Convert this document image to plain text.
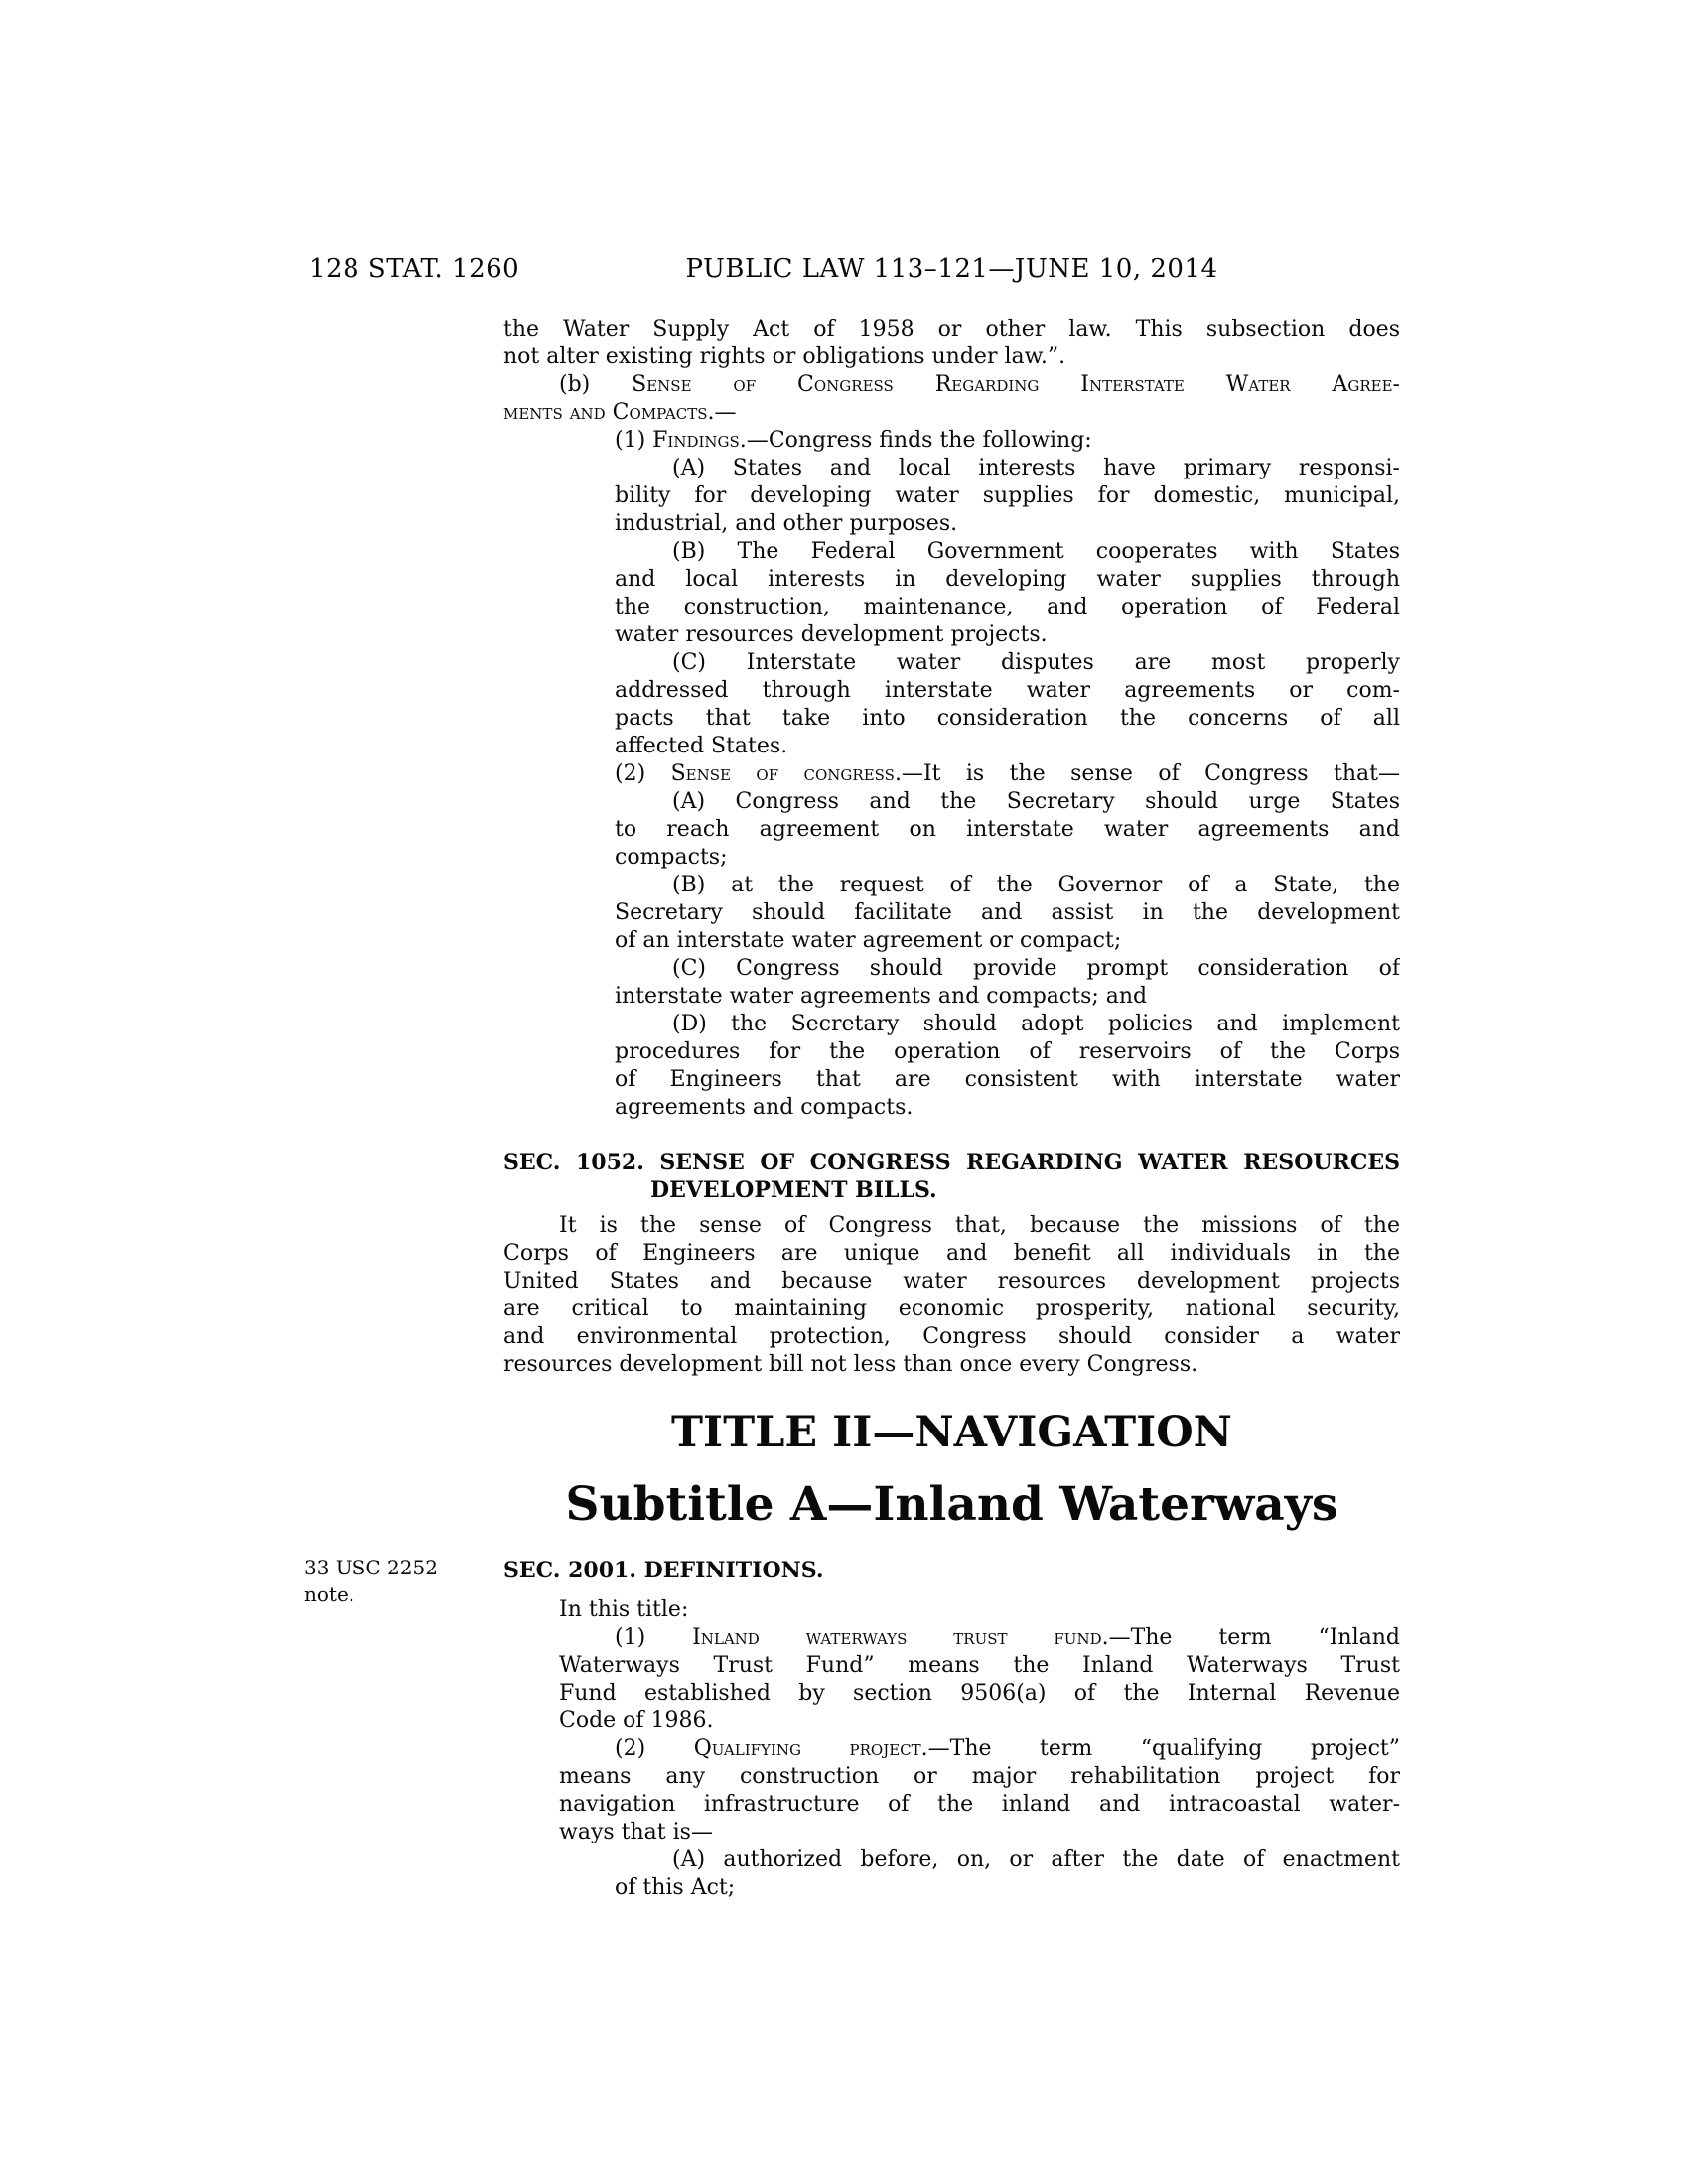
128 STAT. 1260	PUBLIC LAW 113–121—JUNE 10, 2014
33 USC 2252
note.
the Water Supply Act of 1958 or other law. This subsection does
not alter existing rights or obligations under law.”.
(b) Sense of Congress Regarding Interstate Water Agree-
ments and Compacts.—
(1) Findings.—Congress finds the following:
(A) States and local interests have primary responsi-
bility for developing water supplies for domestic, municipal,
industrial, and other purposes.
(B) The Federal Government cooperates with States
and local interests in developing water supplies through
the construction, maintenance, and operation of Federal
water resources development projects.
(C) Interstate water disputes are most properly
addressed through interstate water agreements or com-
pacts that take into consideration the concerns of all
affected States.
(2) Sense of congress.—It is the sense of Congress that—
(A) Congress and the Secretary should urge States
to reach agreement on interstate water agreements and
compacts;
(B) at the request of the Governor of a State, the
Secretary should facilitate and assist in the development
of an interstate water agreement or compact;
(C) Congress should provide prompt consideration of
interstate water agreements and compacts; and
(D) the Secretary should adopt policies and implement
procedures for the operation of reservoirs of the Corps
of Engineers that are consistent with interstate water
agreements and compacts.
SEC. 1052. SENSE OF CONGRESS REGARDING WATER RESOURCES
DEVELOPMENT BILLS.
It is the sense of Congress that, because the missions of the
Corps of Engineers are unique and benefit all individuals in the
United States and because water resources development projects
are critical to maintaining economic prosperity, national security,
and environmental protection, Congress should consider a water
resources development bill not less than once every Congress.
TITLE II—NAVIGATION
Subtitle A—Inland Waterways
SEC. 2001. DEFINITIONS.
In this title:
(1) Inland waterways trust fund.—The term “Inland
Waterways Trust Fund” means the Inland Waterways Trust
Fund established by section 9506(a) of the Internal Revenue
Code of 1986.
(2) Qualifying project.—The term “qualifying project”
means any construction or major rehabilitation project for
navigation infrastructure of the inland and intracoastal water-
ways that is—
(A) authorized before, on, or after the date of enactment
of this Act;
